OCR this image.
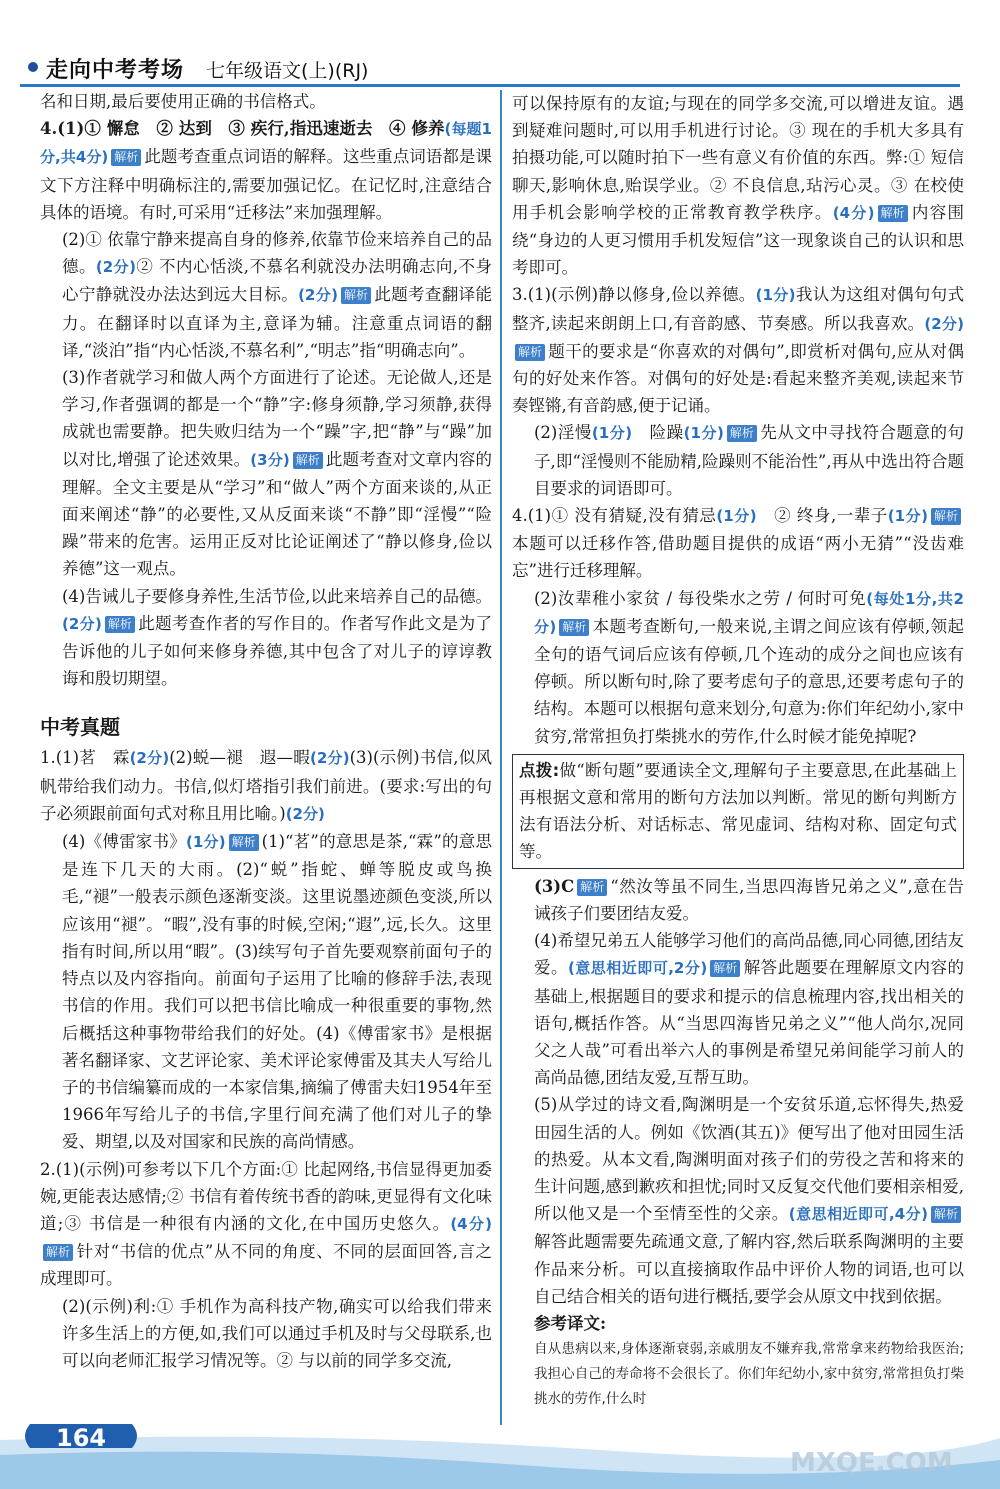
走向中考考场 七年级语文(上)(RJ)

名和日期,最后要使用正确的书信格式。

4.(1)① 懈怠　② 达到　③ 疾行,指迅速逝去　④ 修养(每题1分,共4分) 解析 此题考查重点词语的解释。这些重点词语都是课文下方注释中明确标注的,需要加强记忆。在记忆时,注意结合具体的语境。有时,可采用“迁移法”来加强理解。

(2)① 依靠宁静来提高自身的修养,依靠节俭来培养自己的品德。(2分)② 不内心恬淡,不慕名利就没办法明确志向,不身心宁静就没办法达到远大目标。(2分) 解析 此题考查翻译能力。在翻译时以直译为主,意译为辅。注意重点词语的翻译,“淡泊”指“内心恬淡,不慕名利”,“明志”指“明确志向”。

(3)作者就学习和做人两个方面进行了论述。无论做人,还是学习,作者强调的都是一个“静”字:修身须静,学习须静,获得成就也需要静。把失败归结为一个“躁”字,把“静”与“躁”加以对比,增强了论述效果。(3分) 解析 此题考查对文章内容的理解。全文主要是从“学习”和“做人”两个方面来谈的,从正面来阐述“静”的必要性,又从反面来谈“不静”即“淫慢”“险躁”带来的危害。运用正反对比论证阐述了“静以修身,俭以养德”这一观点。

(4)告诫儿子要修身养性,生活节俭,以此来培养自己的品德。(2分) 解析 此题考查作者的写作目的。作者写作此文是为了告诉他的儿子如何来修身养德,其中包含了对儿子的谆谆教诲和殷切期望。

中考真题

1.(1)茗　霖(2分)(2)蜕—褪　遐—暇(2分)(3)(示例)书信,似风帆带给我们动力。书信,似灯塔指引我们前进。(要求:写出的句子必须跟前面句式对称且用比喻。)(2分)

(4)《傅雷家书》(1分) 解析 (1)“茗”的意思是茶,“霖”的意思是连下几天的大雨。(2)“蜕”指蛇、蝉等脱皮或鸟换毛,“褪”一般表示颜色逐渐变淡。这里说墨迹颜色变淡,所以应该用“褪”。“暇”,没有事的时候,空闲;“遐”,远,长久。这里指有时间,所以用“暇”。(3)续写句子首先要观察前面句子的特点以及内容指向。前面句子运用了比喻的修辞手法,表现书信的作用。我们可以把书信比喻成一种很重要的事物,然后概括这种事物带给我们的好处。(4)《傅雷家书》是根据著名翻译家、文艺评论家、美术评论家傅雷及其夫人写给儿子的书信编纂而成的一本家信集,摘编了傅雷夫妇1954年至1966年写给儿子的书信,字里行间充满了他们对儿子的挚爱、期望,以及对国家和民族的高尚情感。

2.(1)(示例)可参考以下几个方面:① 比起网络,书信显得更加委婉,更能表达感情;② 书信有着传统书香的韵味,更显得有文化味道;③ 书信是一种很有内涵的文化,在中国历史悠久。(4分)解析 针对“书信的优点”从不同的角度、不同的层面回答,言之成理即可。

(2)(示例)利:① 手机作为高科技产物,确实可以给我们带来许多生活上的方便,如,我们可以通过手机及时与父母联系,也可以向老师汇报学习情况等。② 与以前的同学多交流,

可以保持原有的友谊;与现在的同学多交流,可以增进友谊。遇到疑难问题时,可以用手机进行讨论。③ 现在的手机大多具有拍摄功能,可以随时拍下一些有意义有价值的东西。弊:① 短信聊天,影响休息,贻误学业。② 不良信息,玷污心灵。③ 在校使用手机会影响学校的正常教育教学秩序。(4分) 解析 内容围绕“身边的人更习惯用手机发短信”这一现象谈自己的认识和思考即可。

3.(1)(示例)静以修身,俭以养德。(1分)我认为这组对偶句句式整齐,读起来朗朗上口,有音韵感、节奏感。所以我喜欢。(2分)解析 题干的要求是“你喜欢的对偶句”,即赏析对偶句,应从对偶句的好处来作答。对偶句的好处是:看起来整齐美观,读起来节奏铿锵,有音韵感,便于记诵。

(2)淫慢(1分)　 险躁(1分) 解析 先从文中寻找符合题意的句子,即“淫慢则不能励精,险躁则不能治性”,再从中选出符合题目要求的词语即可。

4.(1)① 没有猜疑,没有猜忌(1分)　 ② 终身,一辈子(1分) 解析本题可以迁移作答,借助题目提供的成语“两小无猜”“没齿难忘”进行迁移理解。

(2)汝辈稚小家贫 / 每役柴水之劳 / 何时可免(每处1分,共2分) 解析 本题考查断句,一般来说,主谓之间应该有停顿,领起全句的语气词后应该有停顿,几个连动的成分之间也应该有停顿。所以断句时,除了要考虑句子的意思,还要考虑句子的结构。本题可以根据句意来划分,句意为:你们年纪幼小,家中贫穷,常常担负打柴挑水的劳作,什么时候才能免掉呢?

点拨:做“断句题”要通读全文,理解句子主要意思,在此基础上再根据文意和常用的断句方法加以判断。常见的断句判断方法有语法分析、对话标志、常见虚词、结构对称、固定句式等。

(3)C 解析 “然汝等虽不同生,当思四海皆兄弟之义”,意在告诫孩子们要团结友爱。

(4)希望兄弟五人能够学习他们的高尚品德,同心同德,团结友爱。(意思相近即可,2分) 解析 解答此题要在理解原文内容的基础上,根据题目的要求和提示的信息梳理内容,找出相关的语句,概括作答。从“当思四海皆兄弟之义”“他人尚尔,况同父之人哉”可看出举六人的事例是希望兄弟间能学习前人的高尚品德,团结友爱,互帮互助。

(5)从学过的诗文看,陶渊明是一个安贫乐道,忘怀得失,热爱田园生活的人。例如《饮酒(其五)》便写出了他对田园生活的热爱。从本文看,陶渊明面对孩子们的劳役之苦和将来的生计问题,感到歉疚和担忧;同时又反复交代他们要相亲相爱,所以他又是一个至情至性的父亲。(意思相近即可,4分) 解析解答此题需要先疏通文意,了解内容,然后联系陶渊明的主要作品来分析。可以直接摘取作品中评价人物的词语,也可以自己结合相关的语句进行概括,要学会从原文中找到依据。

参考译文:

自从患病以来,身体逐渐衰弱,亲戚朋友不嫌弃我,常常拿来药物给我医治;我担心自己的寿命将不会很长了。你们年纪幼小,家中贫穷,常常担负打柴挑水的劳作,什么时

164
MXQE.COM
